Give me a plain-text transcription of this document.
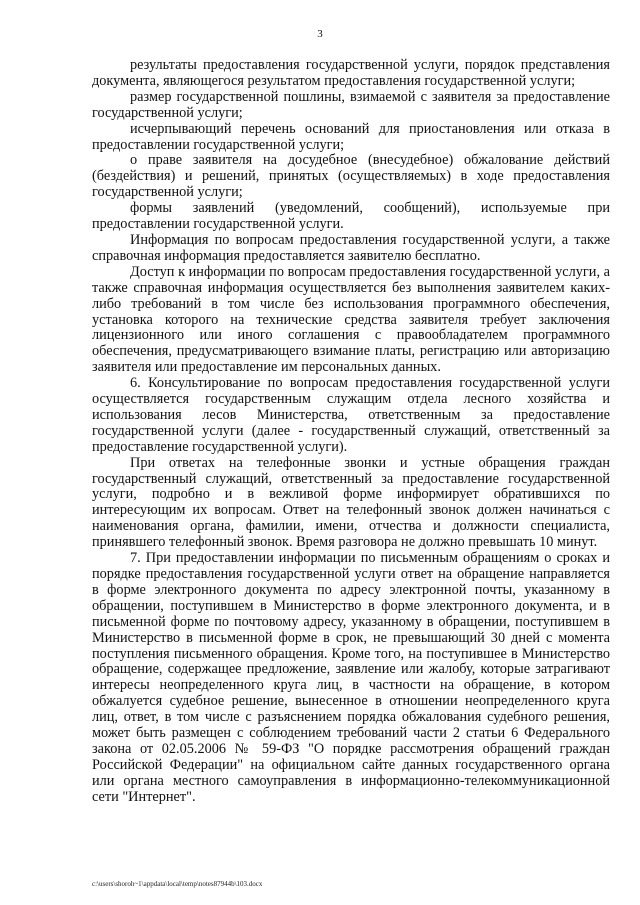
3

результаты предоставления государственной услуги, порядок представления документа, являющегося результатом предоставления государственной услуги;

размер государственной пошлины, взимаемой с заявителя за предоставление государственной услуги;

исчерпывающий перечень оснований для приостановления или отказа в предоставлении государственной услуги;

о праве заявителя на досудебное (внесудебное) обжалование действий (бездействия) и решений, принятых (осуществляемых) в ходе предоставления государственной услуги;

формы заявлений (уведомлений, сообщений), используемые при предоставлении государственной услуги.

Информация по вопросам предоставления государственной услуги, а также справочная информация предоставляется заявителю бесплатно.

Доступ к информации по вопросам предоставления государственной услуги, а также справочная информация осуществляется без выполнения заявителем каких-либо требований в том числе без использования программного обеспечения, установка которого на технические средства заявителя требует заключения лицензионного или иного соглашения с правообладателем программного обеспечения, предусматривающего взимание платы, регистрацию или авторизацию заявителя или предоставление им персональных данных.

6. Консультирование по вопросам предоставления государственной услуги осуществляется государственным служащим отдела лесного хозяйства и использования лесов Министерства, ответственным за предоставление государственной услуги (далее - государственный служащий, ответственный за предоставление государственной услуги).

При ответах на телефонные звонки и устные обращения граждан государственный служащий, ответственный за предоставление государственной услуги, подробно и в вежливой форме информирует обратившихся по интересующим их вопросам. Ответ на телефонный звонок должен начинаться с наименования органа, фамилии, имени, отчества и должности специалиста, принявшего телефонный звонок. Время разговора не должно превышать 10 минут.

7. При предоставлении информации по письменным обращениям о сроках и порядке предоставления государственной услуги ответ на обращение направляется в форме электронного документа по адресу электронной почты, указанному в обращении, поступившем в Министерство в форме электронного документа, и в письменной форме по почтовому адресу, указанному в обращении, поступившем в Министерство в письменной форме в срок, не превышающий 30 дней с момента поступления письменного обращения. Кроме того, на поступившее в Министерство обращение, содержащее предложение, заявление или жалобу, которые затрагивают интересы неопределенного круга лиц, в частности на обращение, в котором обжалуется судебное решение, вынесенное в отношении неопределенного круга лиц, ответ, в том числе с разъяснением порядка обжалования судебного решения, может быть размещен с соблюдением требований части 2 статьи 6 Федерального закона от 02.05.2006 № 59-ФЗ "О порядке рассмотрения обращений граждан Российской Федерации" на официальном сайте данных государственного органа или органа местного самоуправления в информационно-телекоммуникационной сети "Интернет".

c:\users\shoroh~1\appdata\local\temp\notes87944b\103.docx
